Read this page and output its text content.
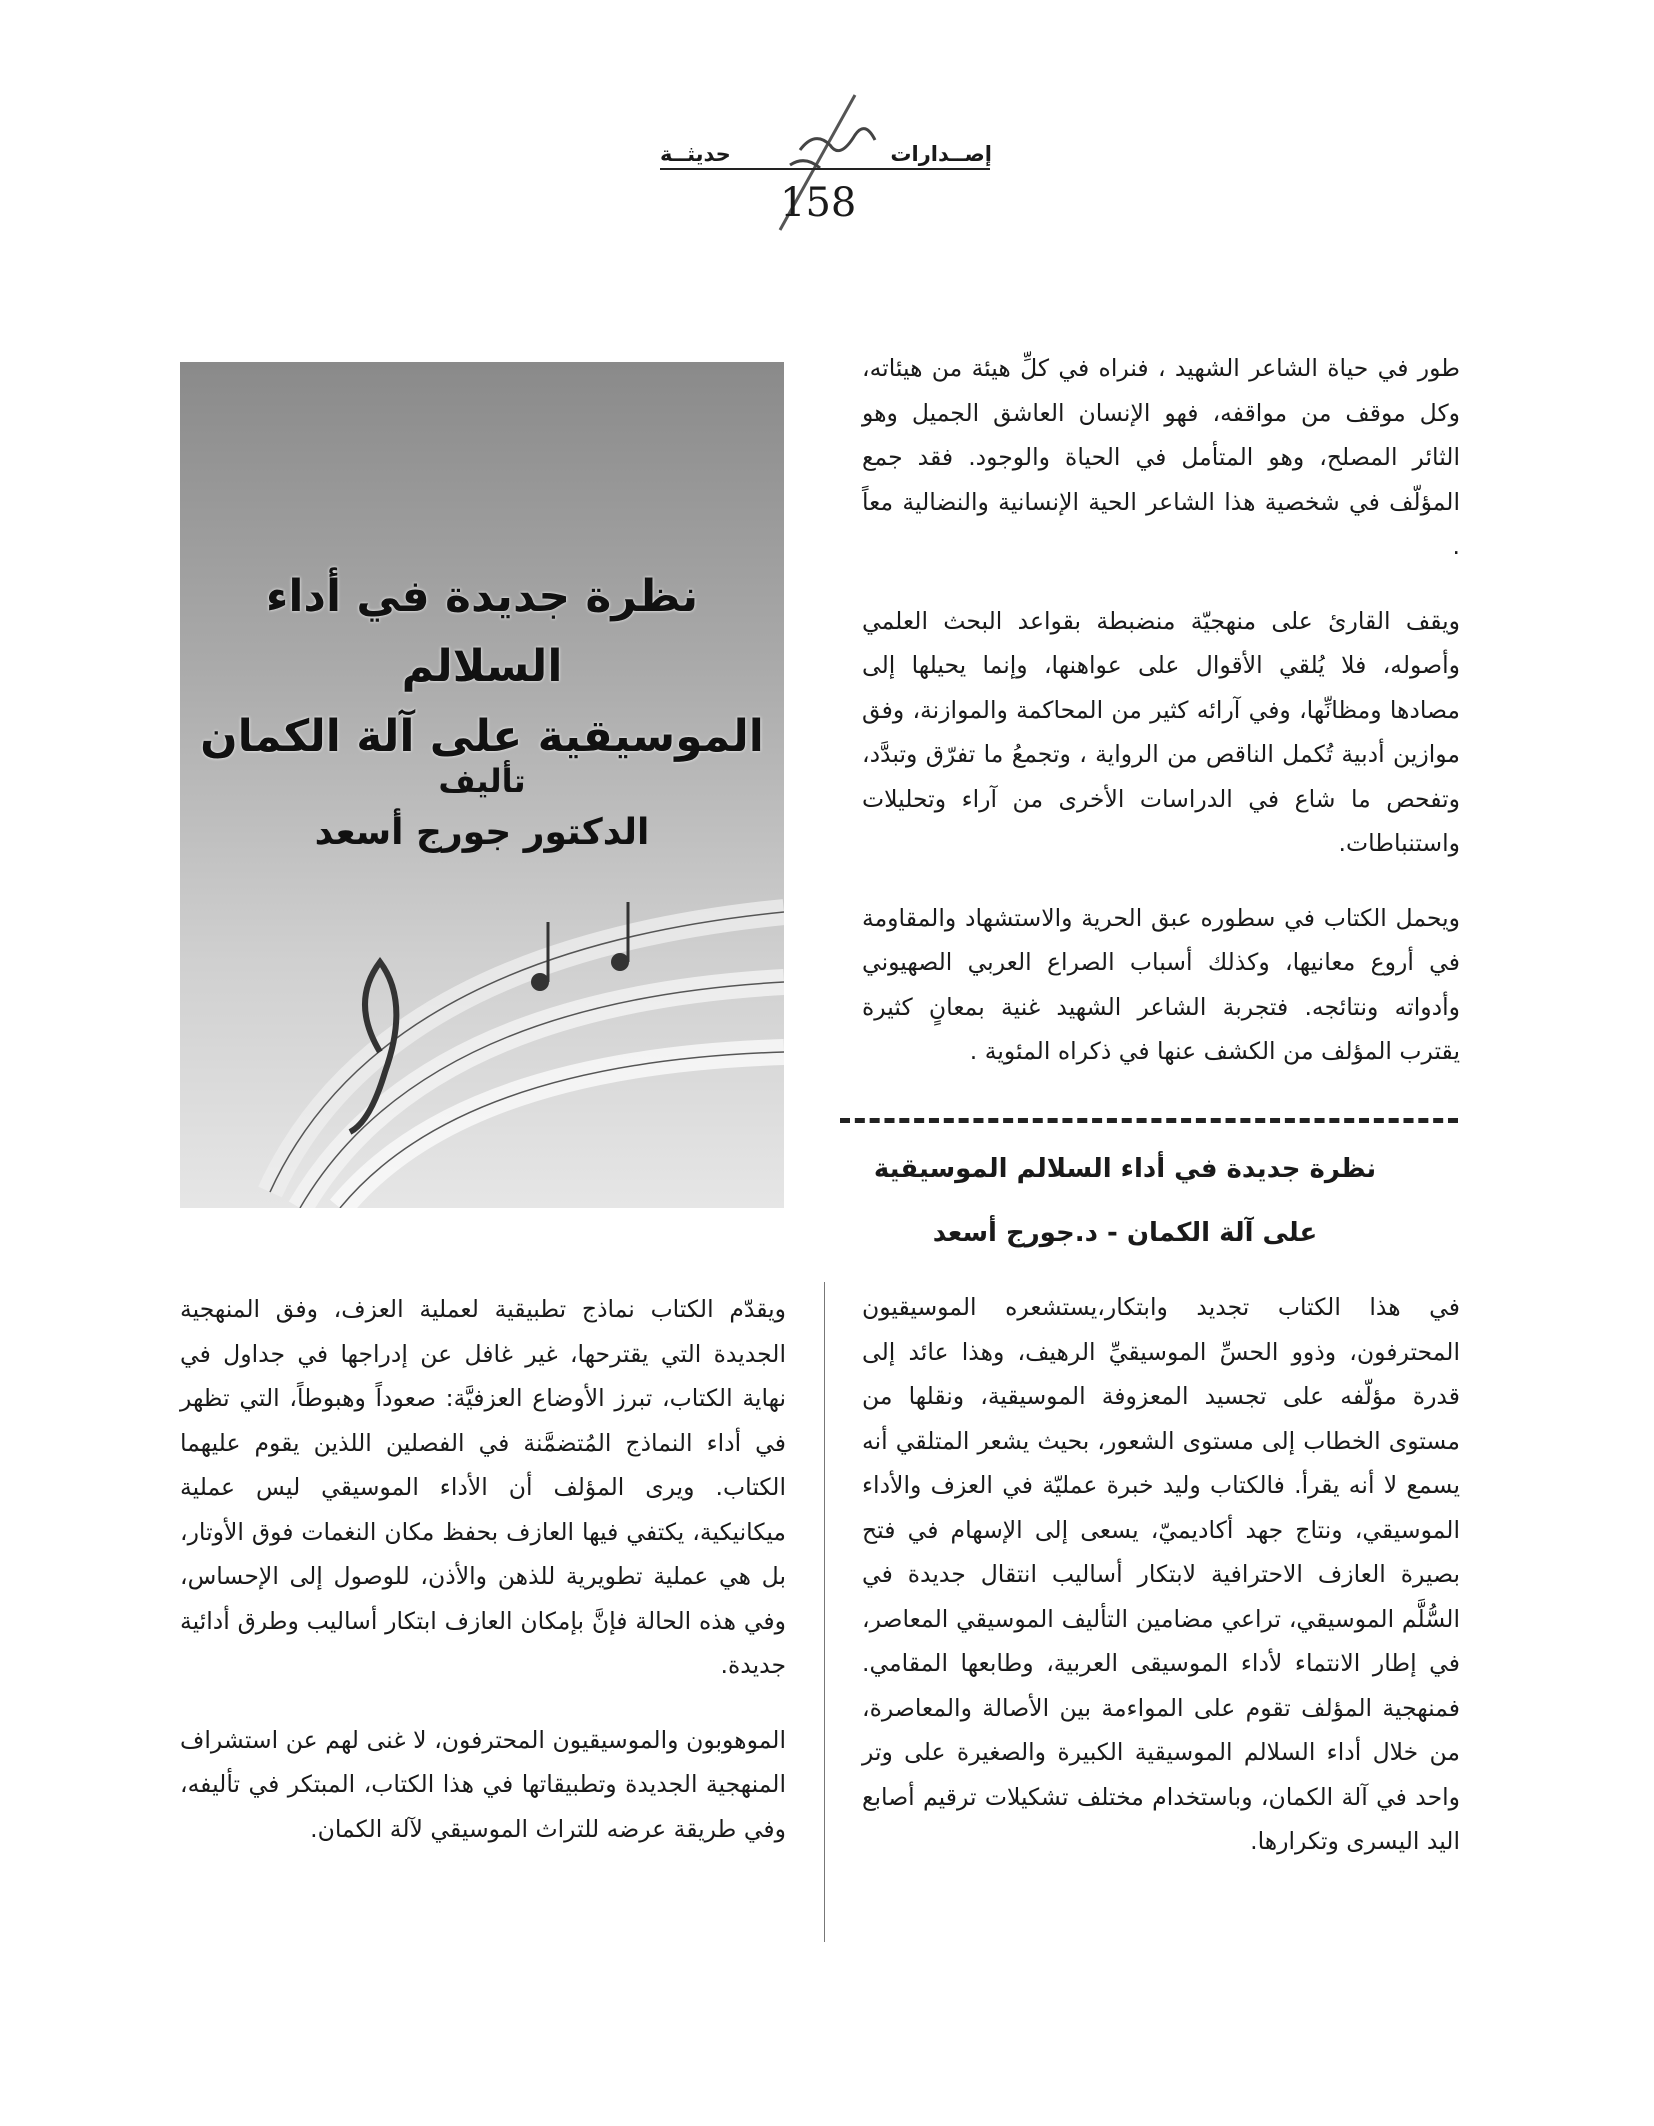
إصــدارات
حديثــة
158

طور في حياة الشاعر الشهيد ، فنراه في كلِّ هيئة من هيئاته، وكل موقف من مواقفه، فهو الإنسان العاشق الجميل وهو الثائر المصلح، وهو المتأمل في الحياة والوجود. فقد جمع المؤلّف في شخصية هذا الشاعر الحية الإنسانية والنضالية معاً .

ويقف القارئ على منهجيّة منضبطة بقواعد البحث العلمي وأصوله، فلا يُلقي الأقوال على عواهنها، وإنما يحيلها إلى مصادها ومظانِّها، وفي آرائه كثير من المحاكمة والموازنة، وفق موازين أدبية تُكمل الناقص من الرواية ، وتجمعُ ما تفرّق وتبدَّد، وتفحص ما شاع في الدراسات الأخرى من آراء وتحليلات واستنباطات.

ويحمل الكتاب في سطوره عبق الحرية والاستشهاد والمقاومة في أروع معانيها، وكذلك أسباب الصراع العربي الصهيوني وأدواته ونتائجه. فتجربة الشاعر الشهيد غنية بمعانٍ كثيرة يقترب المؤلف من الكشف عنها في ذكراه المئوية .

نظرة جديدة في أداء السلالم الموسيقية
على آلة الكمان - د.جورج أسعد

في هذا الكتاب تجديد وابتكار،يستشعره الموسيقيون المحترفون، وذوو الحسِّ الموسيقيِّ الرهيف، وهذا عائد إلى قدرة مؤلّفه على تجسيد المعزوفة الموسيقية، ونقلها من مستوى الخطاب إلى مستوى الشعور، بحيث يشعر المتلقي أنه يسمع لا أنه يقرأ. فالكتاب وليد خبرة عمليّة في العزف والأداء الموسيقي، ونتاج جهد أكاديميّ، يسعى إلى الإسهام في فتح بصيرة العازف الاحترافية لابتكار أساليب انتقال جديدة في السُّلَّم الموسيقي، تراعي مضامين التأليف الموسيقي المعاصر، في إطار الانتماء لأداء الموسيقى العربية، وطابعها المقامي. فمنهجية المؤلف تقوم على المواءمة بين الأصالة والمعاصرة، من خلال أداء السلالم الموسيقية الكبيرة والصغيرة على وتر واحد في آلة الكمان، وباستخدام مختلف تشكيلات ترقيم أصابع اليد اليسرى وتكرارها.

نظرة جديدة في أداء السلالم
الموسيقية على آلة الكمان
تأليف
الدكتور جورج أسعد

ويقدّم الكتاب نماذج تطبيقية لعملية العزف، وفق المنهجية الجديدة التي يقترحها، غير غافل عن إدراجها في جداول في نهاية الكتاب، تبرز الأوضاع العزفيَّة: صعوداً وهبوطاً، التي تظهر في أداء النماذج المُتضمَّنة في الفصلين اللذين يقوم عليهما الكتاب. ويرى المؤلف أن الأداء الموسيقي ليس عملية ميكانيكية، يكتفي فيها العازف بحفظ مكان النغمات فوق الأوتار، بل هي عملية تطويرية للذهن والأذن، للوصول إلى الإحساس، وفي هذه الحالة فإنَّ بإمكان العازف ابتكار أساليب وطرق أدائية جديدة.

الموهوبون والموسيقيون المحترفون، لا غنى لهم عن استشراف المنهجية الجديدة وتطبيقاتها في هذا الكتاب، المبتكر في تأليفه، وفي طريقة عرضه للتراث الموسيقي لآلة الكمان.
